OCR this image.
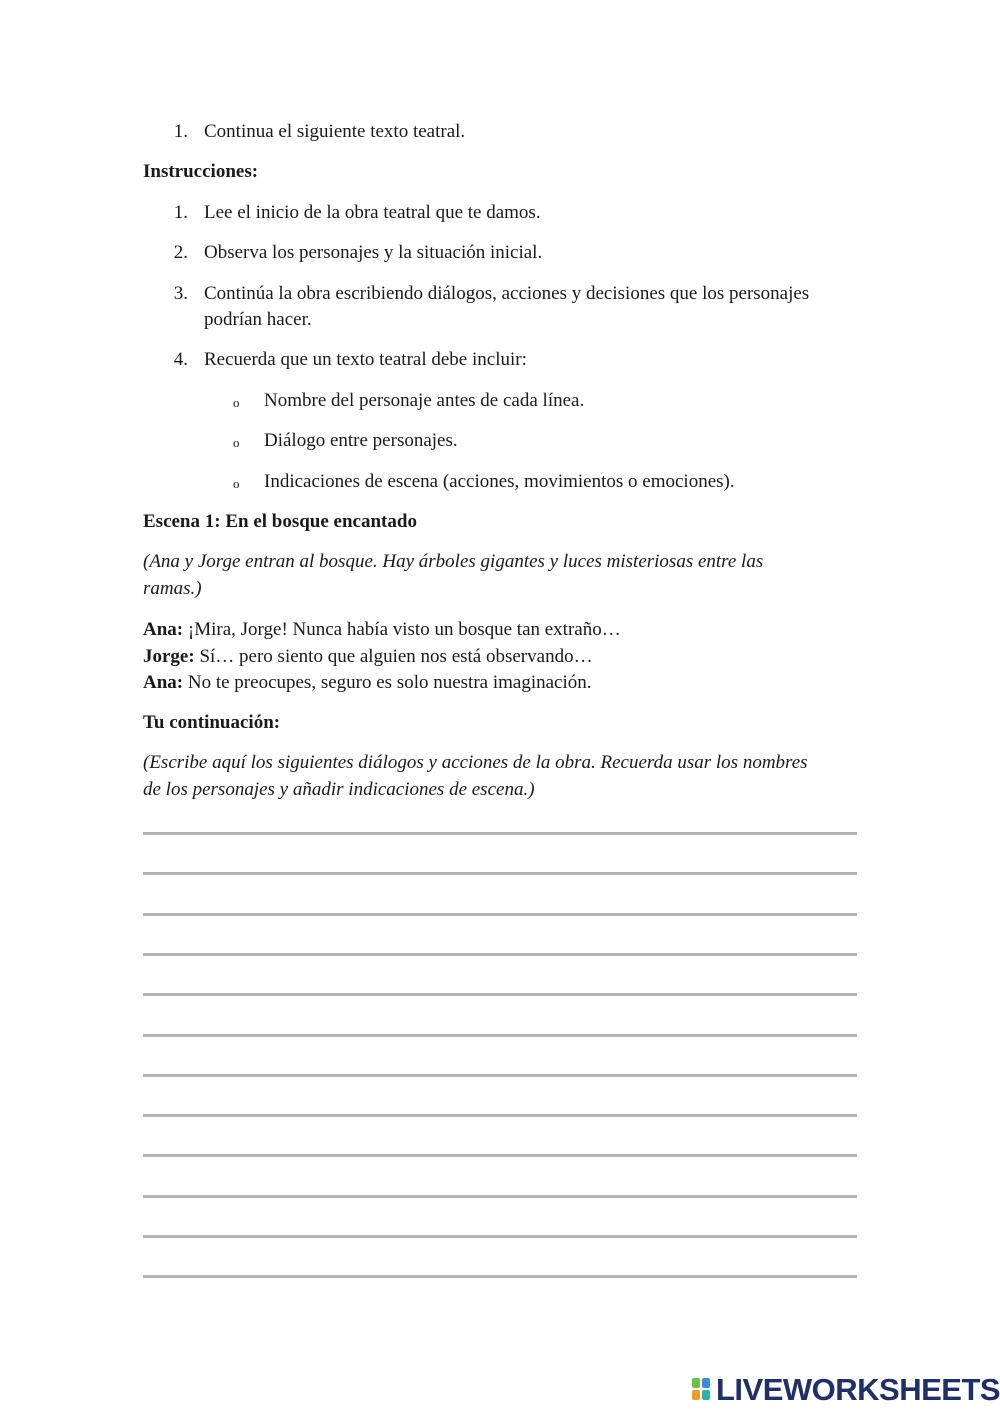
1. Continua el siguiente texto teatral.
Instrucciones:
1. Lee el inicio de la obra teatral que te damos.
2. Observa los personajes y la situación inicial.
3. Continúa la obra escribiendo diálogos, acciones y decisiones que los personajes
podrían hacer.
4. Recuerda que un texto teatral debe incluir:
o Nombre del personaje antes de cada línea.
o Diálogo entre personajes.
o Indicaciones de escena (acciones, movimientos o emociones).
Escena 1: En el bosque encantado
(Ana y Jorge entran al bosque. Hay árboles gigantes y luces misteriosas entre las
ramas.)
Ana: ¡Mira, Jorge! Nunca había visto un bosque tan extraño…
Jorge: Sí… pero siento que alguien nos está observando…
Ana: No te preocupes, seguro es solo nuestra imaginación.
Tu continuación:
(Escribe aquí los siguientes diálogos y acciones de la obra. Recuerda usar los nombres
de los personajes y añadir indicaciones de escena.)
LIVEWORKSHEETS
